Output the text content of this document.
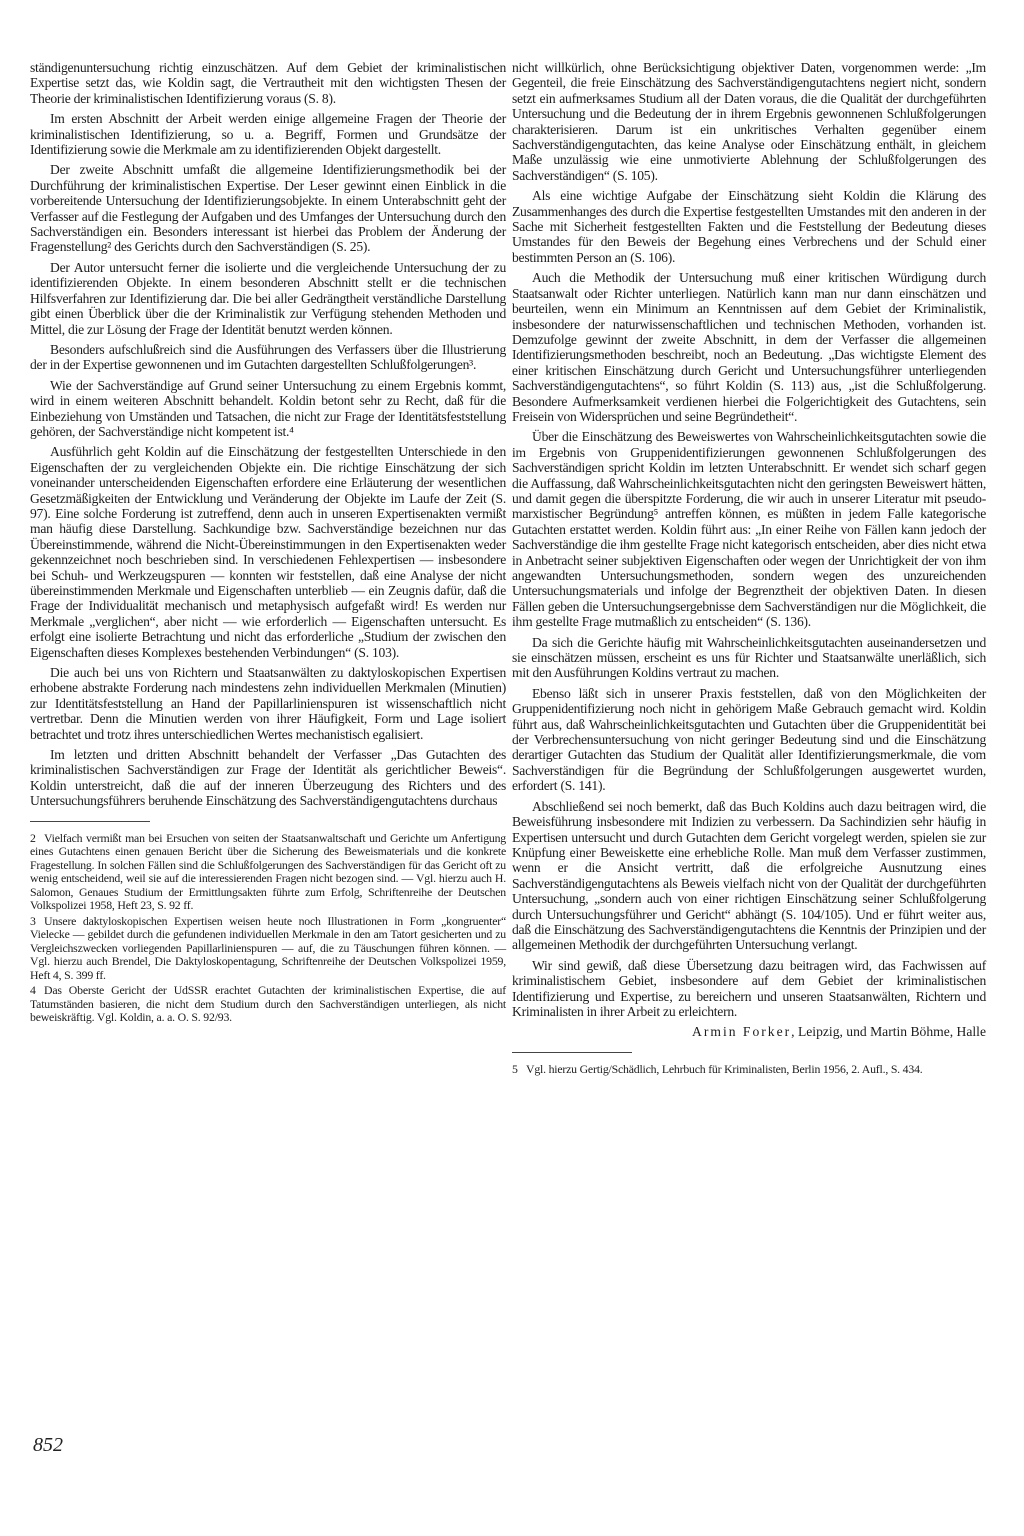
ständigenuntersuchung richtig einzuschätzen. Auf dem Gebiet der kriminalistischen Expertise setzt das, wie Koldin sagt, die Vertrautheit mit den wichtigsten Thesen der Theorie der kriminalistischen Identifizierung voraus (S. 8).

Im ersten Abschnitt der Arbeit werden einige allgemeine Fragen der Theorie der kriminalistischen Identifizierung, so u. a. Begriff, Formen und Grundsätze der Identifizierung sowie die Merkmale am zu identifizierenden Objekt dargestellt.

Der zweite Abschnitt umfaßt die allgemeine Identifizierungsmethodik bei der Durchführung der kriminalistischen Expertise. Der Leser gewinnt einen Einblick in die vorbereitende Untersuchung der Identifizierungsobjekte. In einem Unterabschnitt geht der Verfasser auf die Festlegung der Aufgaben und des Umfanges der Untersuchung durch den Sachverständigen ein. Besonders interessant ist hierbei das Problem der Änderung der Fragenstellung² des Gerichts durch den Sachverständigen (S. 25).

Der Autor untersucht ferner die isolierte und die vergleichende Untersuchung der zu identifizierenden Objekte. In einem besonderen Abschnitt stellt er die technischen Hilfsverfahren zur Identifizierung dar. Die bei aller Gedrängtheit verständliche Darstellung gibt einen Überblick über die der Kriminalistik zur Verfügung stehenden Methoden und Mittel, die zur Lösung der Frage der Identität benutzt werden können.

Besonders aufschlußreich sind die Ausführungen des Verfassers über die Illustrierung der in der Expertise gewonnenen und im Gutachten dargestellten Schlußfolgerungen³.

Wie der Sachverständige auf Grund seiner Untersuchung zu einem Ergebnis kommt, wird in einem weiteren Abschnitt behandelt. Koldin betont sehr zu Recht, daß für die Einbeziehung von Umständen und Tatsachen, die nicht zur Frage der Identitätsfeststellung gehören, der Sachverständige nicht kompetent ist.⁴

Ausführlich geht Koldin auf die Einschätzung der festgestellten Unterschiede in den Eigenschaften der zu vergleichenden Objekte ein. Die richtige Einschätzung der sich voneinander unterscheidenden Eigenschaften erfordere eine Erläuterung der wesentlichen Gesetzmäßigkeiten der Entwicklung und Veränderung der Objekte im Laufe der Zeit (S. 97). Eine solche Forderung ist zutreffend, denn auch in unseren Expertisenakten vermißt man häufig diese Darstellung. Sachkundige bzw. Sachverständige bezeichnen nur das Übereinstimmende, während die Nicht-Übereinstimmungen in den Expertisenakten weder gekennzeichnet noch beschrieben sind. In verschiedenen Fehlexpertisen — insbesondere bei Schuh- und Werkzeugspuren — konnten wir feststellen, daß eine Analyse der nicht übereinstimmenden Merkmale und Eigenschaften unterblieb — ein Zeugnis dafür, daß die Frage der Individualität mechanisch und metaphysisch aufgefaßt wird! Es werden nur Merkmale „verglichen“, aber nicht — wie erforderlich — Eigenschaften untersucht. Es erfolgt eine isolierte Betrachtung und nicht das erforderliche „Studium der zwischen den Eigenschaften dieses Komplexes bestehenden Verbindungen“ (S. 103).

Die auch bei uns von Richtern und Staatsanwälten zu daktyloskopischen Expertisen erhobene abstrakte Forderung nach mindestens zehn individuellen Merkmalen (Minutien) zur Identitätsfeststellung an Hand der Papillarlinienspuren ist wissenschaftlich nicht vertretbar. Denn die Minutien werden von ihrer Häufigkeit, Form und Lage isoliert betrachtet und trotz ihres unterschiedlichen Wertes mechanistisch egalisiert.

Im letzten und dritten Abschnitt behandelt der Verfasser „Das Gutachten des kriminalistischen Sachverständigen zur Frage der Identität als gerichtlicher Beweis“. Koldin unterstreicht, daß die auf der inneren Überzeugung des Richters und des Untersuchungsführers beruhende Einschätzung des Sachverständigengutachtens durchaus

2 Vielfach vermißt man bei Ersuchen von seiten der Staatsanwaltschaft und Gerichte um Anfertigung eines Gutachtens einen genauen Bericht über die Sicherung des Beweismaterials und die konkrete Fragestellung. In solchen Fällen sind die Schlußfolgerungen des Sachverständigen für das Gericht oft zu wenig entscheidend, weil sie auf die interessierenden Fragen nicht bezogen sind. — Vgl. hierzu auch H. Salomon, Genaues Studium der Ermittlungsakten führte zum Erfolg, Schriftenreihe der Deutschen Volkspolizei 1958, Heft 23, S. 92 ff.

3 Unsere daktyloskopischen Expertisen weisen heute noch Illustrationen in Form „kongruenter“ Vielecke — gebildet durch die gefundenen individuellen Merkmale in den am Tatort gesicherten und zu Vergleichszwecken vorliegenden Papillarlinienspuren — auf, die zu Täuschungen führen können. — Vgl. hierzu auch Brendel, Die Daktyloskopentagung, Schriftenreihe der Deutschen Volkspolizei 1959, Heft 4, S. 399 ff.

4 Das Oberste Gericht der UdSSR erachtet Gutachten der kriminalistischen Expertise, die auf Tatumständen basieren, die nicht dem Studium durch den Sachverständigen unterliegen, als nicht beweiskräftig. Vgl. Koldin, a. a. O. S. 92/93.

nicht willkürlich, ohne Berücksichtigung objektiver Daten, vorgenommen werde: „Im Gegenteil, die freie Einschätzung des Sachverständigengutachtens negiert nicht, sondern setzt ein aufmerksames Studium all der Daten voraus, die die Qualität der durchgeführten Untersuchung und die Bedeutung der in ihrem Ergebnis gewonnenen Schlußfolgerungen charakterisieren. Darum ist ein unkritisches Verhalten gegenüber einem Sachverständigengutachten, das keine Analyse oder Einschätzung enthält, in gleichem Maße unzulässig wie eine unmotivierte Ablehnung der Schlußfolgerungen des Sachverständigen“ (S. 105).

Als eine wichtige Aufgabe der Einschätzung sieht Koldin die Klärung des Zusammenhanges des durch die Expertise festgestellten Umstandes mit den anderen in der Sache mit Sicherheit festgestellten Fakten und die Feststellung der Bedeutung dieses Umstandes für den Beweis der Begehung eines Verbrechens und der Schuld einer bestimmten Person an (S. 106).

Auch die Methodik der Untersuchung muß einer kritischen Würdigung durch Staatsanwalt oder Richter unterliegen. Natürlich kann man nur dann einschätzen und beurteilen, wenn ein Minimum an Kenntnissen auf dem Gebiet der Kriminalistik, insbesondere der naturwissenschaftlichen und technischen Methoden, vorhanden ist. Demzufolge gewinnt der zweite Abschnitt, in dem der Verfasser die allgemeinen Identifizierungsmethoden beschreibt, noch an Bedeutung. „Das wichtigste Element des einer kritischen Einschätzung durch Gericht und Untersuchungsführer unterliegenden Sachverständigengutachtens“, so führt Koldin (S. 113) aus, „ist die Schlußfolgerung. Besondere Aufmerksamkeit verdienen hierbei die Folgerichtigkeit des Gutachtens, sein Freisein von Widersprüchen und seine Begründetheit“.

Über die Einschätzung des Beweiswertes von Wahrscheinlichkeitsgutachten sowie die im Ergebnis von Gruppenidentifizierungen gewonnenen Schlußfolgerungen des Sachverständigen spricht Koldin im letzten Unterabschnitt. Er wendet sich scharf gegen die Auffassung, daß Wahrscheinlichkeitsgutachten nicht den geringsten Beweiswert hätten, und damit gegen die überspitzte Forderung, die wir auch in unserer Literatur mit pseudo-marxistischer Begründung⁵ antreffen können, es müßten in jedem Falle kategorische Gutachten erstattet werden. Koldin führt aus: „In einer Reihe von Fällen kann jedoch der Sachverständige die ihm gestellte Frage nicht kategorisch entscheiden, aber dies nicht etwa in Anbetracht seiner subjektiven Eigenschaften oder wegen der Unrichtigkeit der von ihm angewandten Untersuchungsmethoden, sondern wegen des unzureichenden Untersuchungsmaterials und infolge der Begrenztheit der objektiven Daten. In diesen Fällen geben die Untersuchungsergebnisse dem Sachverständigen nur die Möglichkeit, die ihm gestellte Frage mutmaßlich zu entscheiden“ (S. 136).

Da sich die Gerichte häufig mit Wahrscheinlichkeitsgutachten auseinandersetzen und sie einschätzen müssen, erscheint es uns für Richter und Staatsanwälte unerläßlich, sich mit den Ausführungen Koldins vertraut zu machen.

Ebenso läßt sich in unserer Praxis feststellen, daß von den Möglichkeiten der Gruppenidentifizierung noch nicht in gehörigem Maße Gebrauch gemacht wird. Koldin führt aus, daß Wahrscheinlichkeitsgutachten und Gutachten über die Gruppenidentität bei der Verbrechensuntersuchung von nicht geringer Bedeutung sind und die Einschätzung derartiger Gutachten das Studium der Qualität aller Identifizierungsmerkmale, die vom Sachverständigen für die Begründung der Schlußfolgerungen ausgewertet wurden, erfordert (S. 141).

Abschließend sei noch bemerkt, daß das Buch Koldins auch dazu beitragen wird, die Beweisführung insbesondere mit Indizien zu verbessern. Da Sachindizien sehr häufig in Expertisen untersucht und durch Gutachten dem Gericht vorgelegt werden, spielen sie zur Knüpfung einer Beweiskette eine erhebliche Rolle. Man muß dem Verfasser zustimmen, wenn er die Ansicht vertritt, daß die erfolgreiche Ausnutzung eines Sachverständigengutachtens als Beweis vielfach nicht von der Qualität der durchgeführten Untersuchung, „sondern auch von einer richtigen Einschätzung seiner Schlußfolgerung durch Untersuchungsführer und Gericht“ abhängt (S. 104/105). Und er führt weiter aus, daß die Einschätzung des Sachverständigengutachtens die Kenntnis der Prinzipien und der allgemeinen Methodik der durchgeführten Untersuchung verlangt.

Wir sind gewiß, daß diese Übersetzung dazu beitragen wird, das Fachwissen auf kriminalistischem Gebiet, insbesondere auf dem Gebiet der kriminalistischen Identifizierung und Expertise, zu bereichern und unseren Staatsanwälten, Richtern und Kriminalisten in ihrer Arbeit zu erleichtern.

Armin Forker, Leipzig, und Martin Böhme, Halle

5 Vgl. hierzu Gertig/Schädlich, Lehrbuch für Kriminalisten, Berlin 1956, 2. Aufl., S. 434.

852
